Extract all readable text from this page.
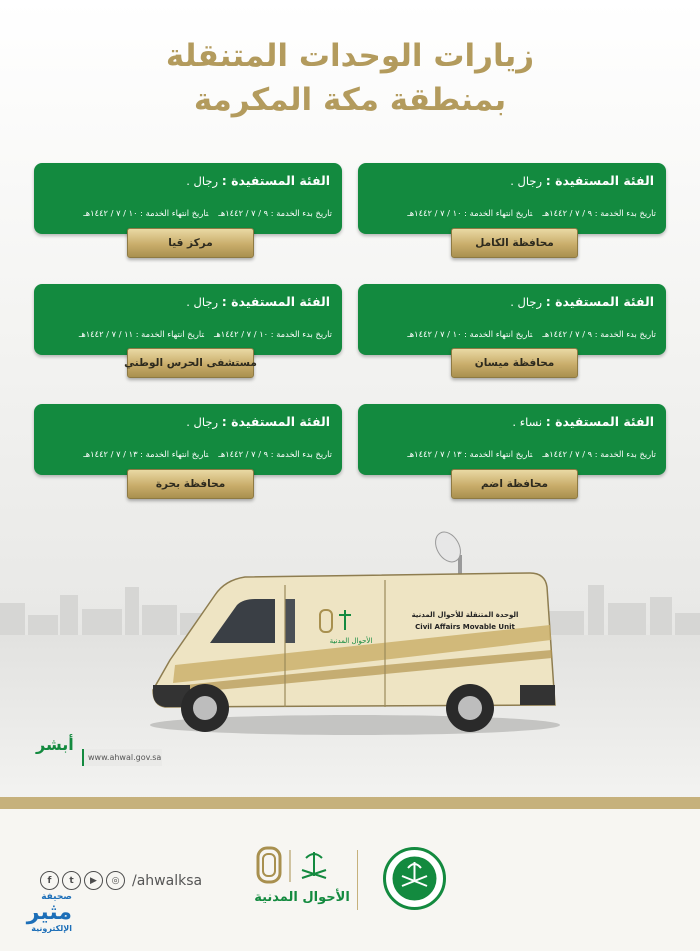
زيارات الوحدات المتنقلة
بمنطقة مكة المكرمة
الفئة المستفيدة : رجال .
تاريخ بدء الخدمة : ٩ / ٧ / ١٤٤٢هـتاريخ انتهاء الخدمة : ١٠ / ٧ / ١٤٤٢هـ
محافظة الكامل
الفئة المستفيدة : رجال .
تاريخ بدء الخدمة : ٩ / ٧ / ١٤٤٢هـتاريخ انتهاء الخدمة : ١٠ / ٧ / ١٤٤٢هـ
مركز قيا
الفئة المستفيدة : رجال .
تاريخ بدء الخدمة : ٩ / ٧ / ١٤٤٢هـتاريخ انتهاء الخدمة : ١٠ / ٧ / ١٤٤٢هـ
محافظة ميسان
الفئة المستفيدة : رجال .
تاريخ بدء الخدمة : ١٠ / ٧ / ١٤٤٢هـتاريخ انتهاء الخدمة : ١١ / ٧ / ١٤٤٢هـ
مستشفى الحرس الوطني
الفئة المستفيدة : نساء .
تاريخ بدء الخدمة : ٩ / ٧ / ١٤٤٢هـتاريخ انتهاء الخدمة : ١٣ / ٧ / ١٤٤٢هـ
محافظة اضم
الفئة المستفيدة : رجال .
تاريخ بدء الخدمة : ٩ / ٧ / ١٤٤٢هـتاريخ انتهاء الخدمة : ١٣ / ٧ / ١٤٤٢هـ
محافظة بحرة
الأحوال المدنية
الوحدة المتنقلة للأحوال المدنية
Civil Affairs Movable Unit
أبشر
www.ahwal.gov.sa
الأحوال المدنية
f	t	▶	◎ /ahwalksa
صحيفة
مثير
الإلكترونية
